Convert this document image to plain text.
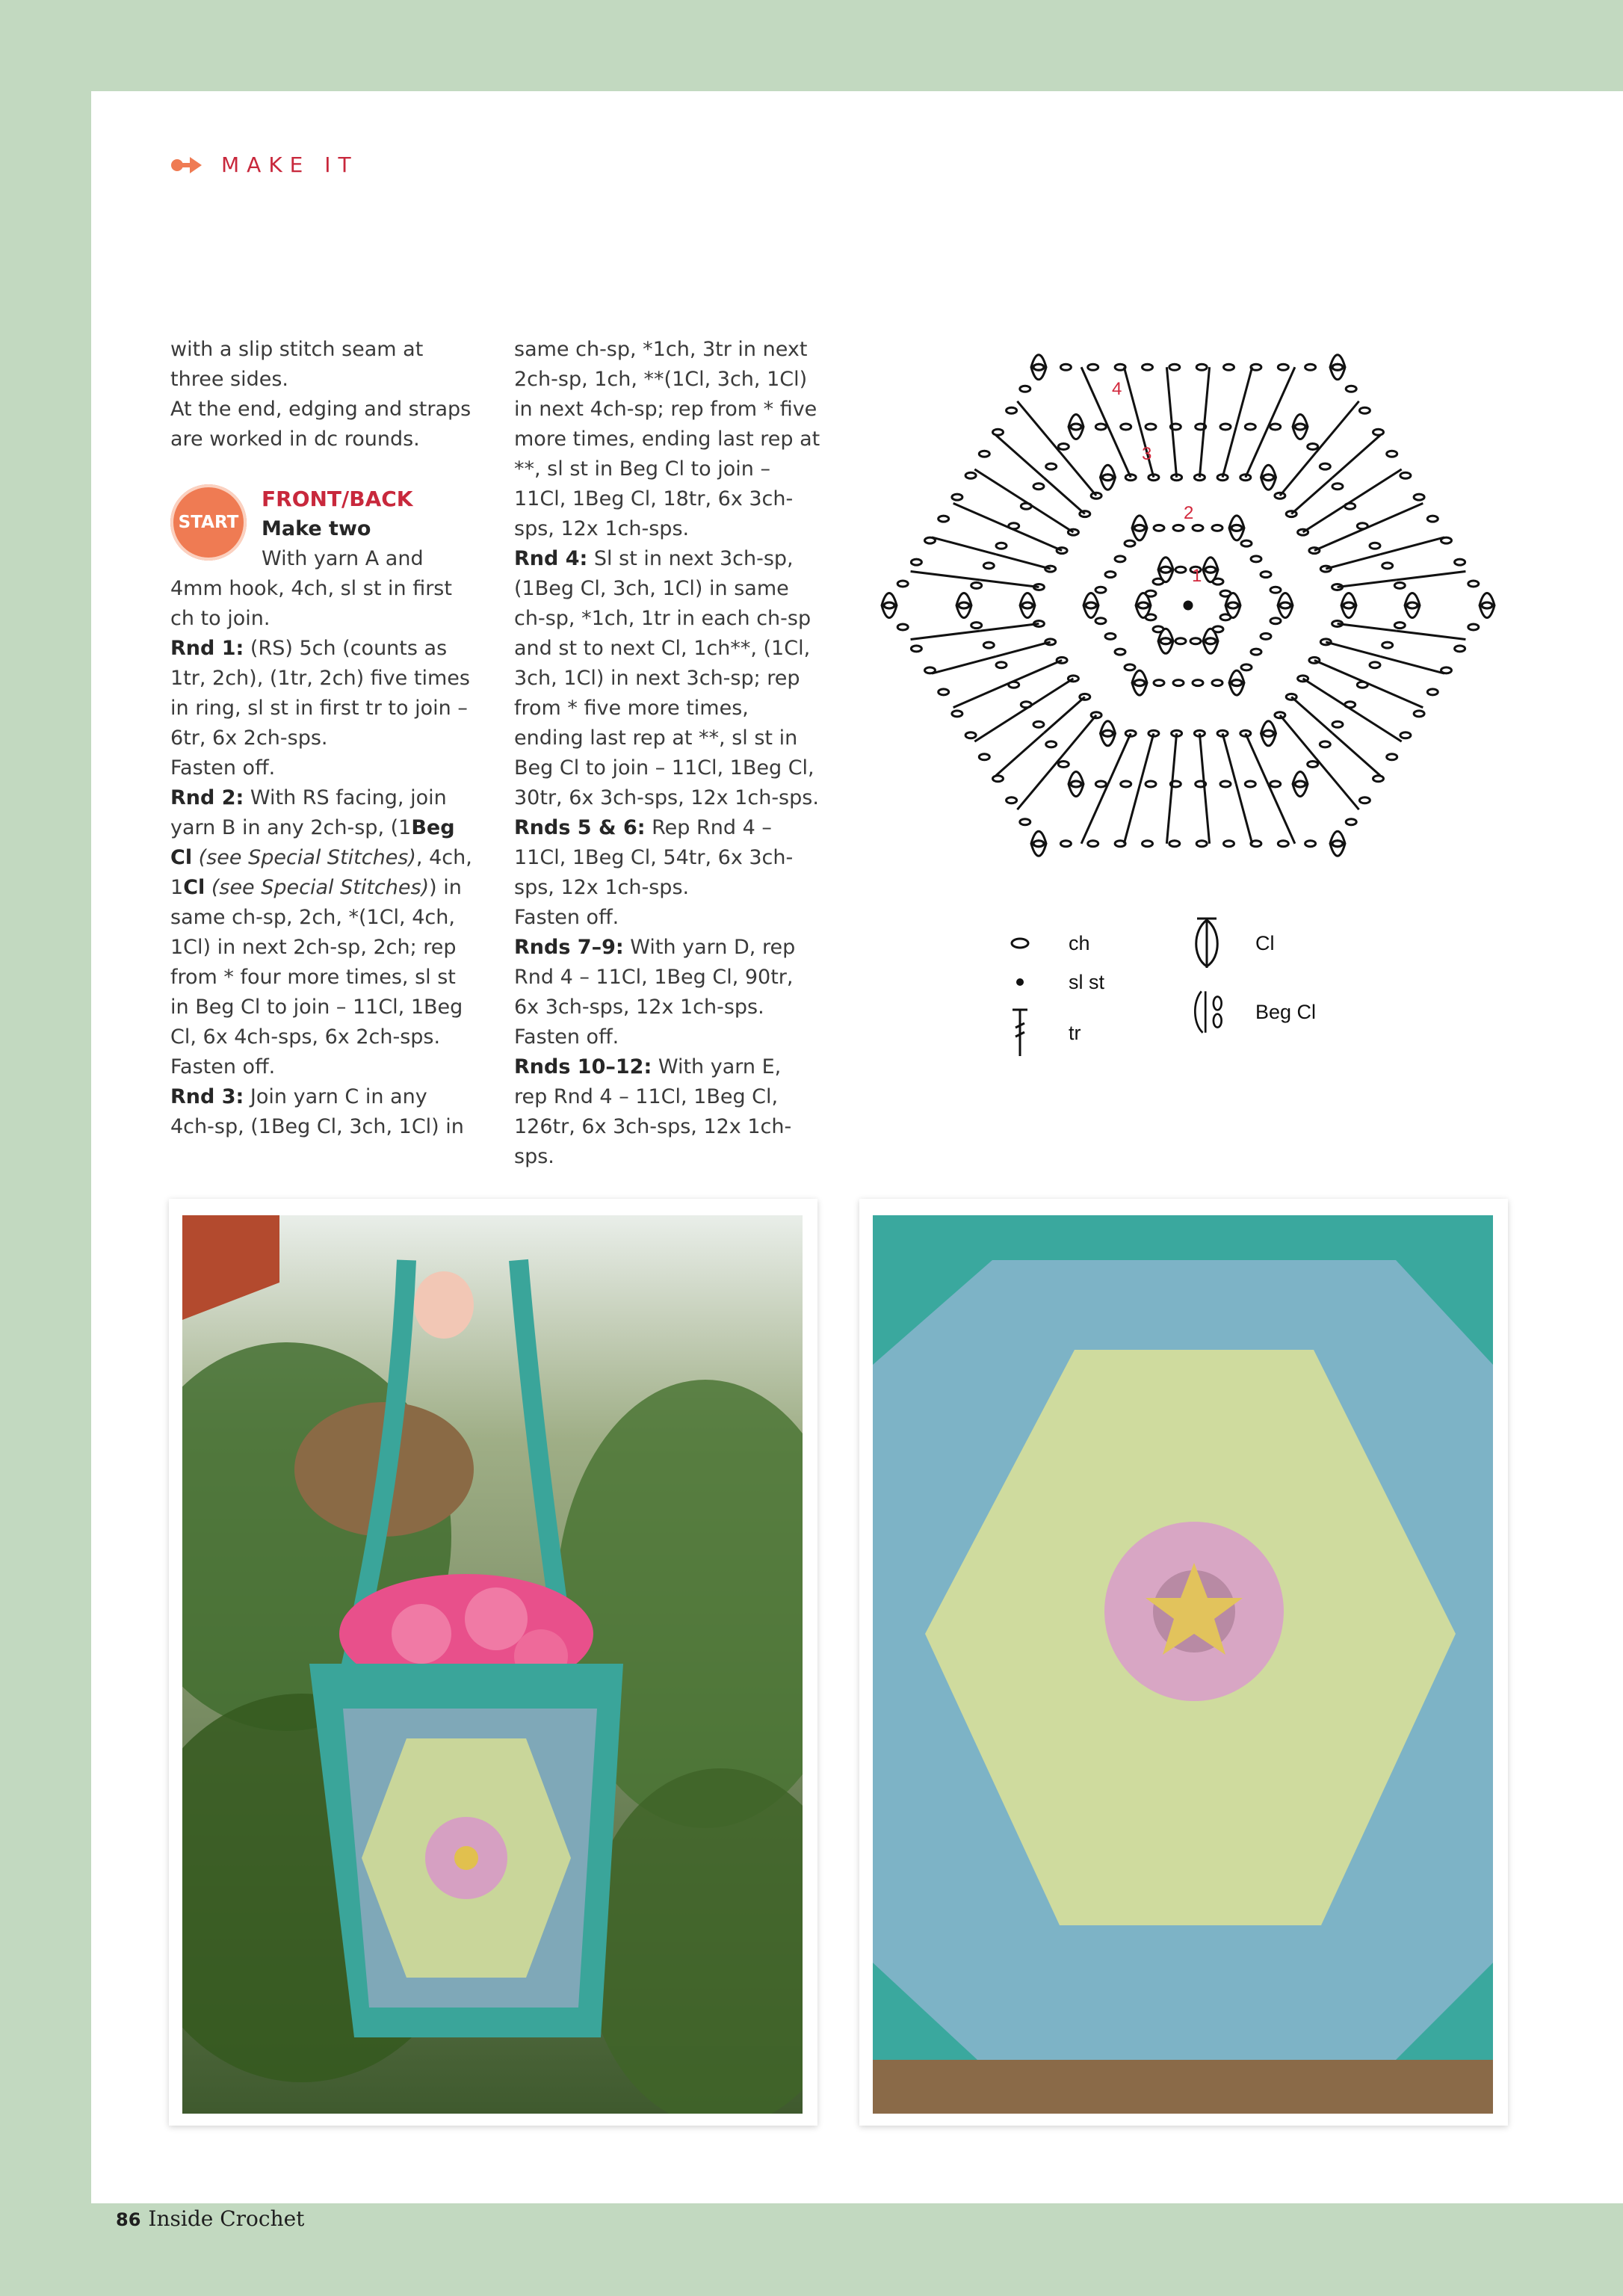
MAKE IT

with a slip stitch seam at three sides.

At the end, edging and straps are worked in dc rounds.

START
FRONT/BACK
Make two

With yarn A and 4mm hook, 4ch, sl st in first ch to join.

Rnd 1: (RS) 5ch (counts as 1tr, 2ch), (1tr, 2ch) five times in ring, sl st in first tr to join – 6tr, 6x 2ch-sps.

Fasten off.

Rnd 2: With RS facing, join yarn B in any 2ch-sp, (1Beg Cl (see Special Stitches), 4ch, 1Cl (see Special Stitches)) in same ch-sp, 2ch, *(1Cl, 4ch, 1Cl) in next 2ch-sp, 2ch; rep from * four more times, sl st in Beg Cl to join – 11Cl, 1Beg Cl, 6x 4ch-sps, 6x 2ch-sps.

Fasten off.

Rnd 3: Join yarn C in any 4ch-sp, (1Beg Cl, 3ch, 1Cl) in

same ch-sp, *1ch, 3tr in next 2ch-sp, 1ch, **(1Cl, 3ch, 1Cl) in next 4ch-sp; rep from * five more times, ending last rep at **, sl st in Beg Cl to join – 11Cl, 1Beg Cl, 18tr, 6x 3ch-sps, 12x 1ch-sps.

Rnd 4: Sl st in next 3ch-sp, (1Beg Cl, 3ch, 1Cl) in same ch-sp, *1ch, 1tr in each ch-sp and st to next Cl, 1ch**, (1Cl, 3ch, 1Cl) in next 3ch-sp; rep from * five more times, ending last rep at **, sl st in Beg Cl to join – 11Cl, 1Beg Cl, 30tr, 6x 3ch-sps, 12x 1ch-sps.

Rnds 5 & 6: Rep Rnd 4 – 11Cl, 1Beg Cl, 54tr, 6x 3ch-sps, 12x 1ch-sps.

Fasten off.

Rnds 7–9: With yarn D, rep Rnd 4 – 11Cl, 1Beg Cl, 90tr, 6x 3ch-sps, 12x 1ch-sps.

Fasten off.

Rnds 10–12: With yarn E, rep Rnd 4 – 11Cl, 1Beg Cl, 126tr, 6x 3ch-sps, 12x 1ch-sps.

1
2
3
4
ch
sl st
tr
Cl
Beg Cl
86 Inside Crochet
